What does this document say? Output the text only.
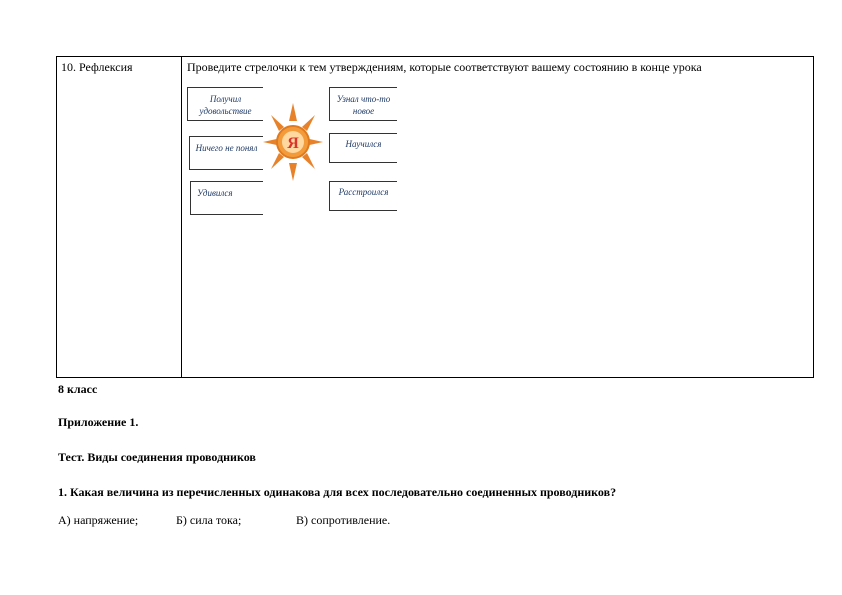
10. Рефлексия	Проведите стрелочки к тем утверждениям, которые соответствуют вашему состоянию в конце урока
Получил
удовольствие
Ничего не понял
Удивился
Я
Узнал что-то
новое
Научился
Расстроился
8 класс
Приложение 1.
Тест. Виды соединения проводников
1. Какая величина из перечисленных одинакова для всех последовательно соединенных проводников?
А) напряжение;	Б) сила тока;	В) сопротивление.
